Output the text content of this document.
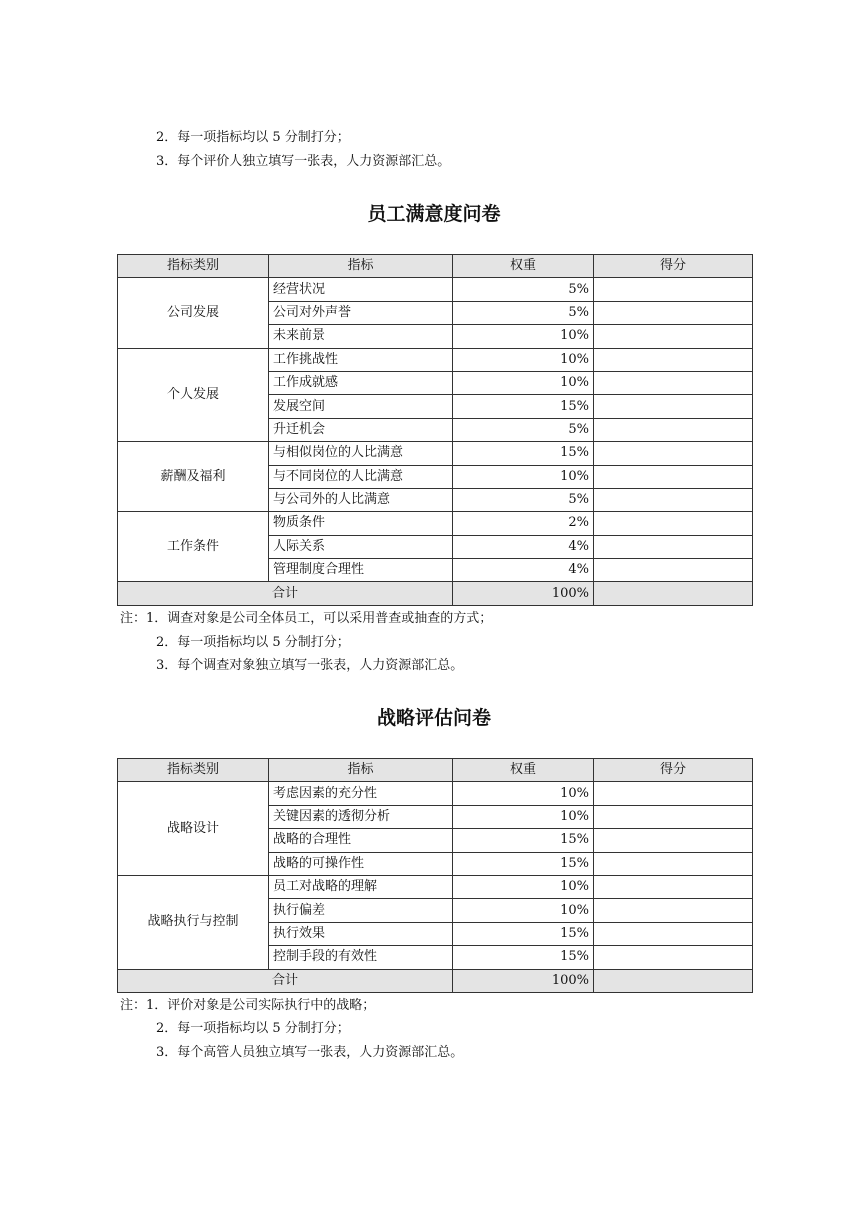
2．每一项指标均以 5 分制打分；
3．每个评价人独立填写一张表，人力资源部汇总。
员工满意度问卷
指标类别	指标	权重	得分
公司发展	经营状况	5%	
	公司对外声誉	5%	
	未来前景	10%	
个人发展	工作挑战性	10%	
	工作成就感	10%	
	发展空间	15%	
	升迁机会	5%	
薪酬及福利	与相似岗位的人比满意	15%	
	与不同岗位的人比满意	10%	
	与公司外的人比满意	5%	
工作条件	物质条件	2%	
	人际关系	4%	
	管理制度合理性	4%	
合计		100%	
注：1．调查对象是公司全体员工，可以采用普查或抽查的方式；
2．每一项指标均以 5 分制打分；
3．每个调查对象独立填写一张表，人力资源部汇总。
战略评估问卷
指标类别	指标	权重	得分
战略设计	考虑因素的充分性	10%	
	关键因素的透彻分析	10%	
	战略的合理性	15%	
	战略的可操作性	15%	
战略执行与控制	员工对战略的理解	10%	
	执行偏差	10%	
	执行效果	15%	
	控制手段的有效性	15%	
合计		100%	
注：1．评价对象是公司实际执行中的战略；
2．每一项指标均以 5 分制打分；
3．每个高管人员独立填写一张表，人力资源部汇总。
